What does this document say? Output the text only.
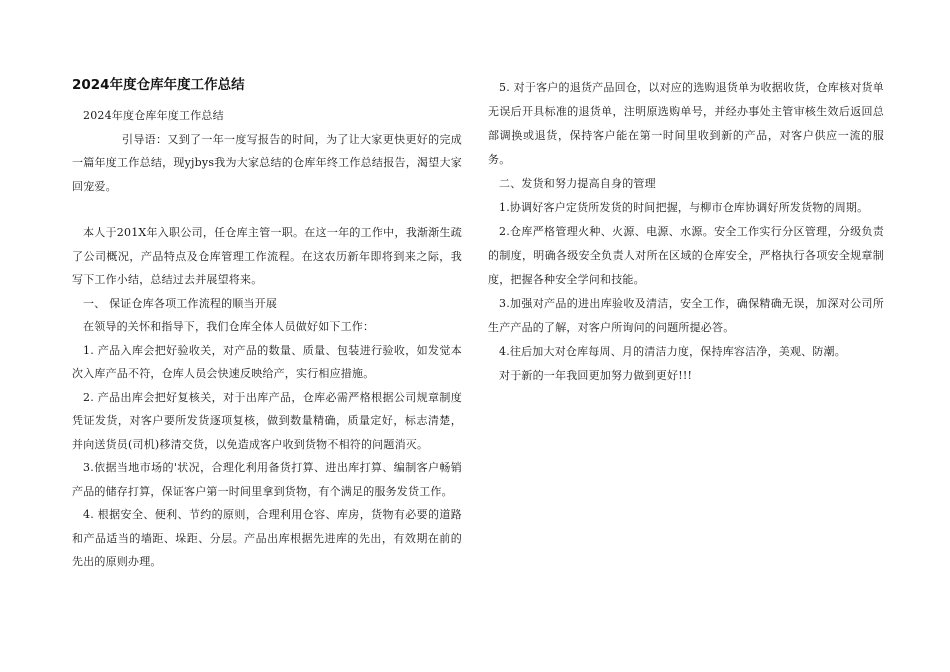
2024年度仓库年度工作总结

2024年度仓库年度工作总结

引导语：又到了一年一度写报告的时间，为了让大家更快更好的完成一篇年度工作总结，现yjbys我为大家总结的仓库年终工作总结报告，渴望大家回宠爱。

本人于201X年入职公司，任仓库主管一职。在这一年的工作中，我渐渐生疏了公司概况，产品特点及仓库管理工作流程。在这农历新年即将到来之际，我写下工作小结，总结过去并展望将来。

一、 保证仓库各项工作流程的顺当开展

在领导的关怀和指导下，我们仓库全体人员做好如下工作：

1. 产品入库会把好验收关，对产品的数量、质量、包装进行验收，如发觉本次入库产品不符，仓库人员会快速反映给产，实行相应措施。

2. 产品出库会把好复核关，对于出库产品，仓库必需严格根据公司规章制度凭证发货，对客户要所发货逐项复核，做到数量精确，质量定好，标志清楚，并向送货员(司机)移清交货，以免造成客户收到货物不相符的问题消灭。

3.依据当地市场的'状况，合理化利用备货打算、进出库打算、编制客户畅销产品的储存打算，保证客户第一时间里拿到货物，有个满足的服务发货工作。

4. 根据安全、便利、节约的原则，合理利用仓容、库房，货物有必要的道路和产品适当的墙距、垛距、分层。产品出库根据先进库的先出，有效期在前的先出的原则办理。

5. 对于客户的退货产品回仓，以对应的选购退货单为收据收货，仓库核对货单无误后开具标准的退货单，注明原选购单号，并经办事处主管审核生效后返回总部调换或退货，保持客户能在第一时间里收到新的产品，对客户供应一流的服务。

二、发货和努力提高自身的管理

1.协调好客户定货所发货的时间把握，与柳市仓库协调好所发货物的周期。

2.仓库严格管理火种、火源、电源、水源。安全工作实行分区管理，分级负责的制度，明确各级安全负责人对所在区域的仓库安全，严格执行各项安全规章制度，把握各种安全学问和技能。

3.加强对产品的进出库验收及清洁，安全工作，确保精确无误，加深对公司所生产产品的了解，对客户所询问的问题所提必答。

4.往后加大对仓库每周、月的清洁力度，保持库容洁净，美观、防潮。

对于新的一年我回更加努力做到更好!!!
